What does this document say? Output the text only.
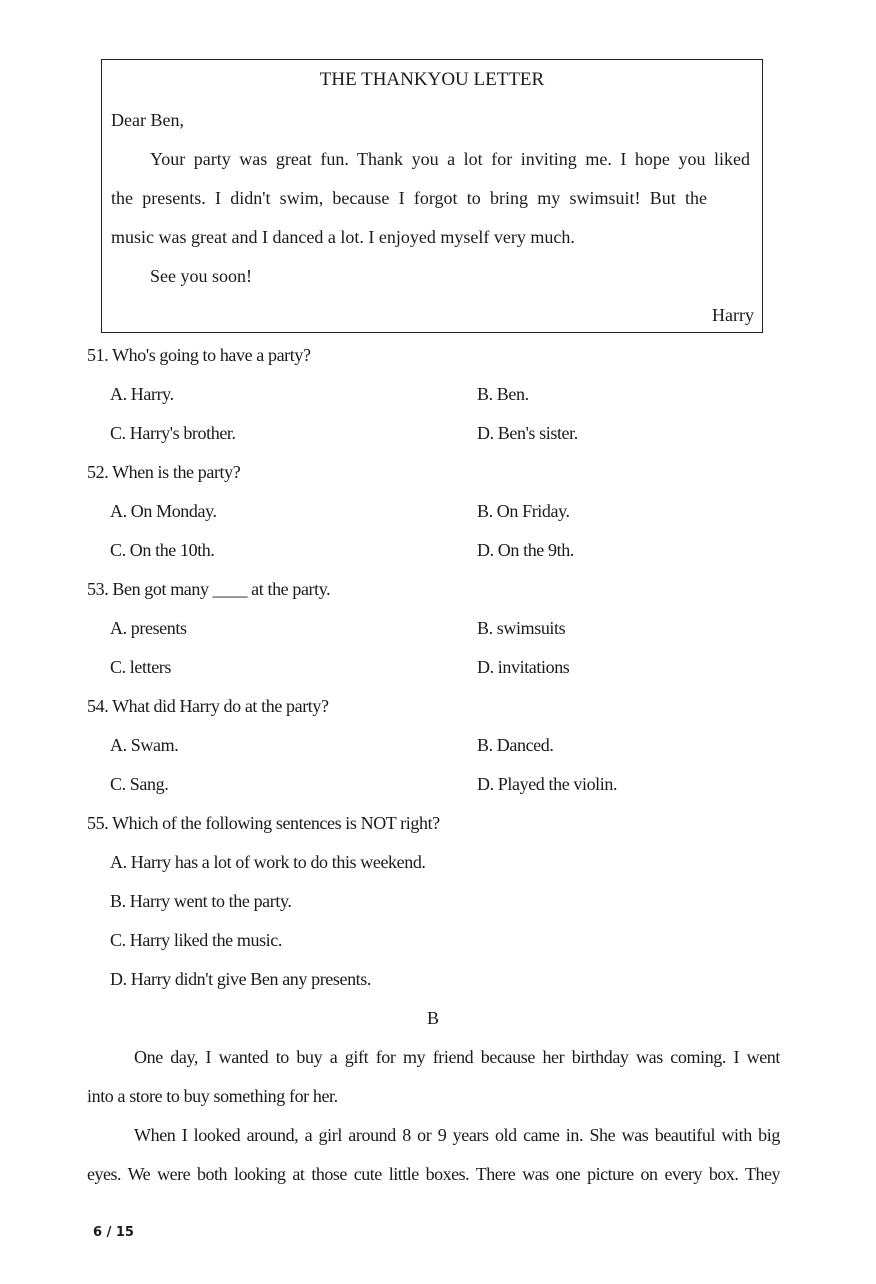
THE THANKYOU LETTER
Dear Ben,
Your party was great fun. Thank you a lot for inviting me. I hope you liked
the presents. I didn't swim, because I forgot to bring my swimsuit! But the
music was great and I danced a lot. I enjoyed myself very much.
See you soon!
Harry
51. Who's going to have a party?
A. Harry.	B. Ben.
C. Harry's brother.	D. Ben's sister.
52. When is the party?
A. On Monday.	B. On Friday.
C. On the 10th.	D. On the 9th.
53. Ben got many ____ at the party.
A. presents	B. swimsuits
C. letters	D. invitations
54. What did Harry do at the party?
A. Swam.	B. Danced.
C. Sang.	D. Played the violin.
55. Which of the following sentences is NOT right?
A. Harry has a lot of work to do this weekend.
B. Harry went to the party.
C. Harry liked the music.
D. Harry didn't give Ben any presents.
B
One day, I wanted to buy a gift for my friend because her birthday was coming. I went
into a store to buy something for her.
When I looked around, a girl around 8 or 9 years old came in. She was beautiful with big
eyes. We were both looking at those cute little boxes. There was one picture on every box. They
6 / 15
